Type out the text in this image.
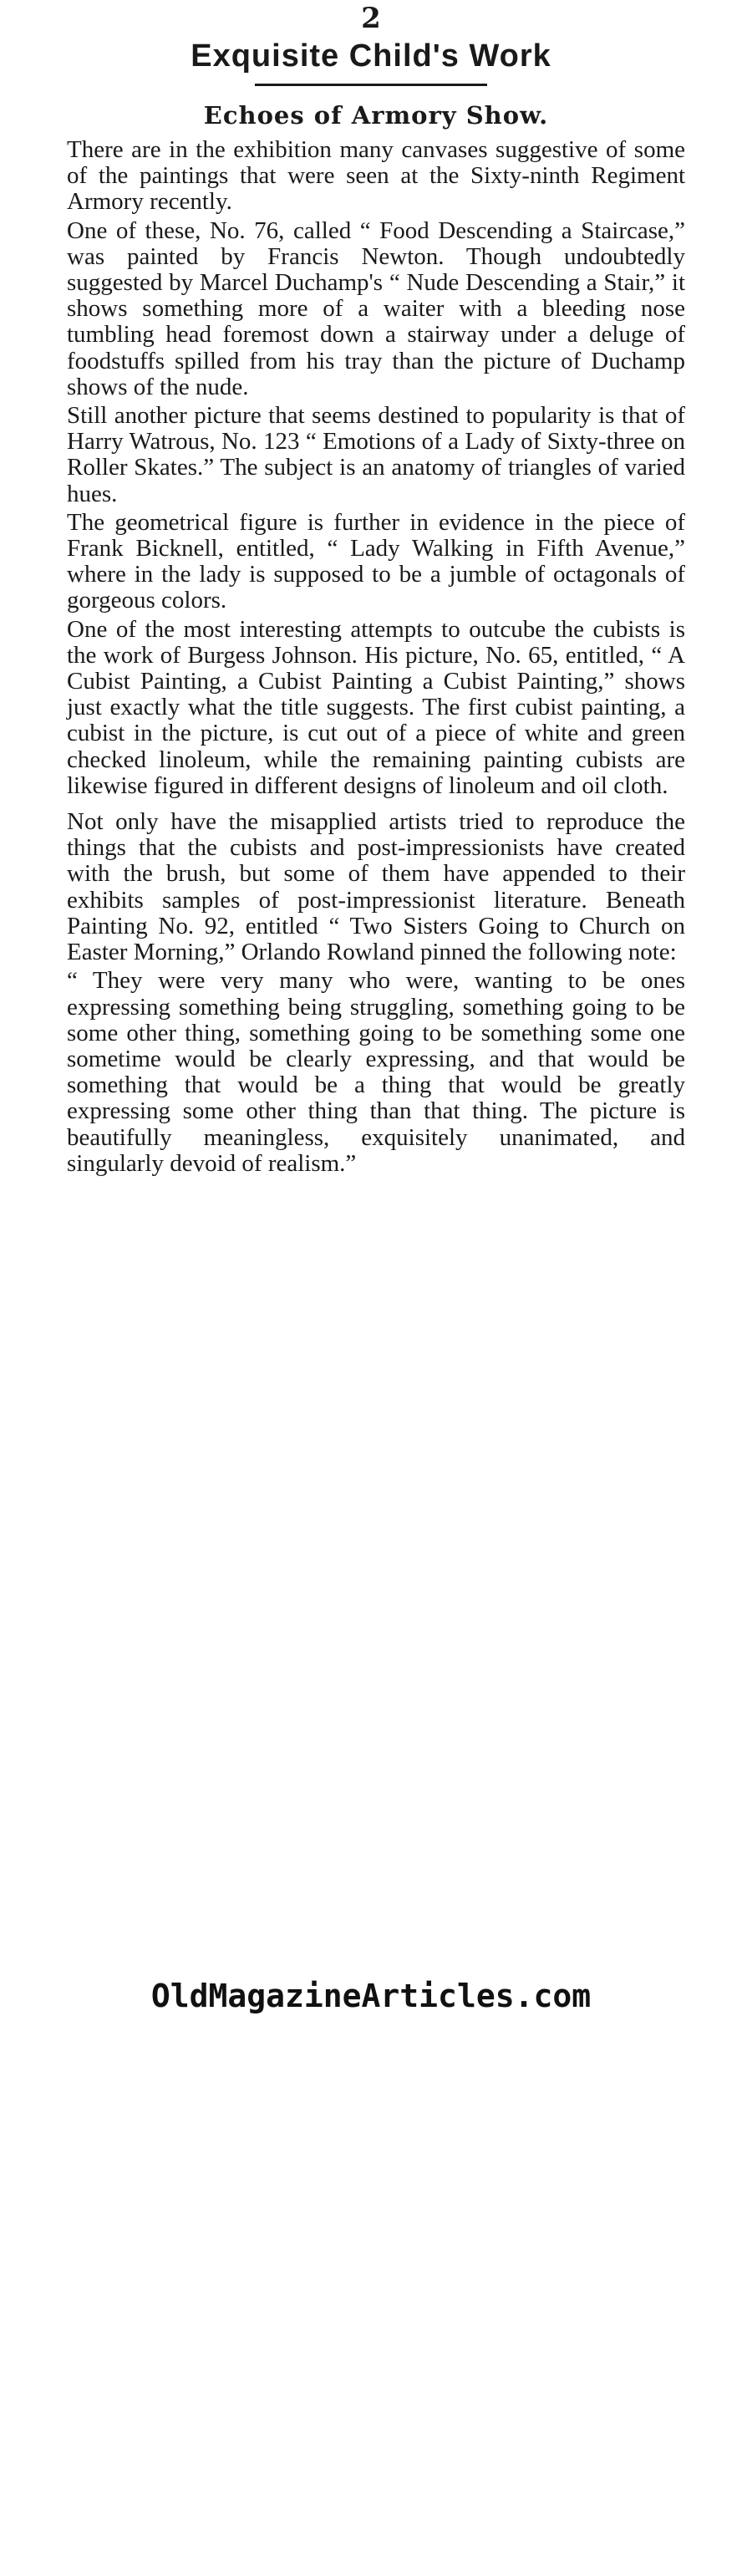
2
Exquisite Child's Work
Echoes of Armory Show.

There are in the exhibition many canvases suggestive of some of the paintings that were seen at the Sixty-ninth Regiment Armory recently.

One of these, No. 76, called “ Food Descending a Staircase,” was painted by Francis Newton. Though undoubtedly suggested by Marcel Duchamp's “ Nude Descending a Stair,” it shows something more of a waiter with a bleeding nose tumbling head foremost down a stairway under a deluge of foodstuffs spilled from his tray than the picture of Duchamp shows of the nude.

Still another picture that seems destined to popularity is that of Harry Watrous, No. 123 “ Emotions of a Lady of Sixty-three on Roller Skates.” The subject is an anatomy of triangles of varied hues.

The geometrical figure is further in evidence in the piece of Frank Bicknell, entitled, “ Lady Walking in Fifth Avenue,” where in the lady is supposed to be a jumble of octagonals of gorgeous colors.

One of the most interesting attempts to outcube the cubists is the work of Burgess Johnson. His picture, No. 65, entitled, “ A Cubist Painting, a Cubist Painting a Cubist Painting,” shows just exactly what the title suggests. The first cubist painting, a cubist in the picture, is cut out of a piece of white and green checked linoleum, while the remaining painting cubists are likewise figured in different designs of linoleum and oil cloth.

Not only have the misapplied artists tried to reproduce the things that the cubists and post-impressionists have created with the brush, but some of them have appended to their exhibits samples of post-impressionist literature. Beneath Painting No. 92, entitled “ Two Sisters Going to Church on Easter Morning,” Orlando Rowland pinned the following note:

“ They were very many who were, wanting to be ones expressing something being struggling, something going to be some other thing, something going to be something some one sometime would be clearly expressing, and that would be something that would be a thing that would be greatly expressing some other thing than that thing. The picture is beautifully meaningless, exquisitely unanimated, and singularly devoid of realism.”

OldMagazineArticles.com
